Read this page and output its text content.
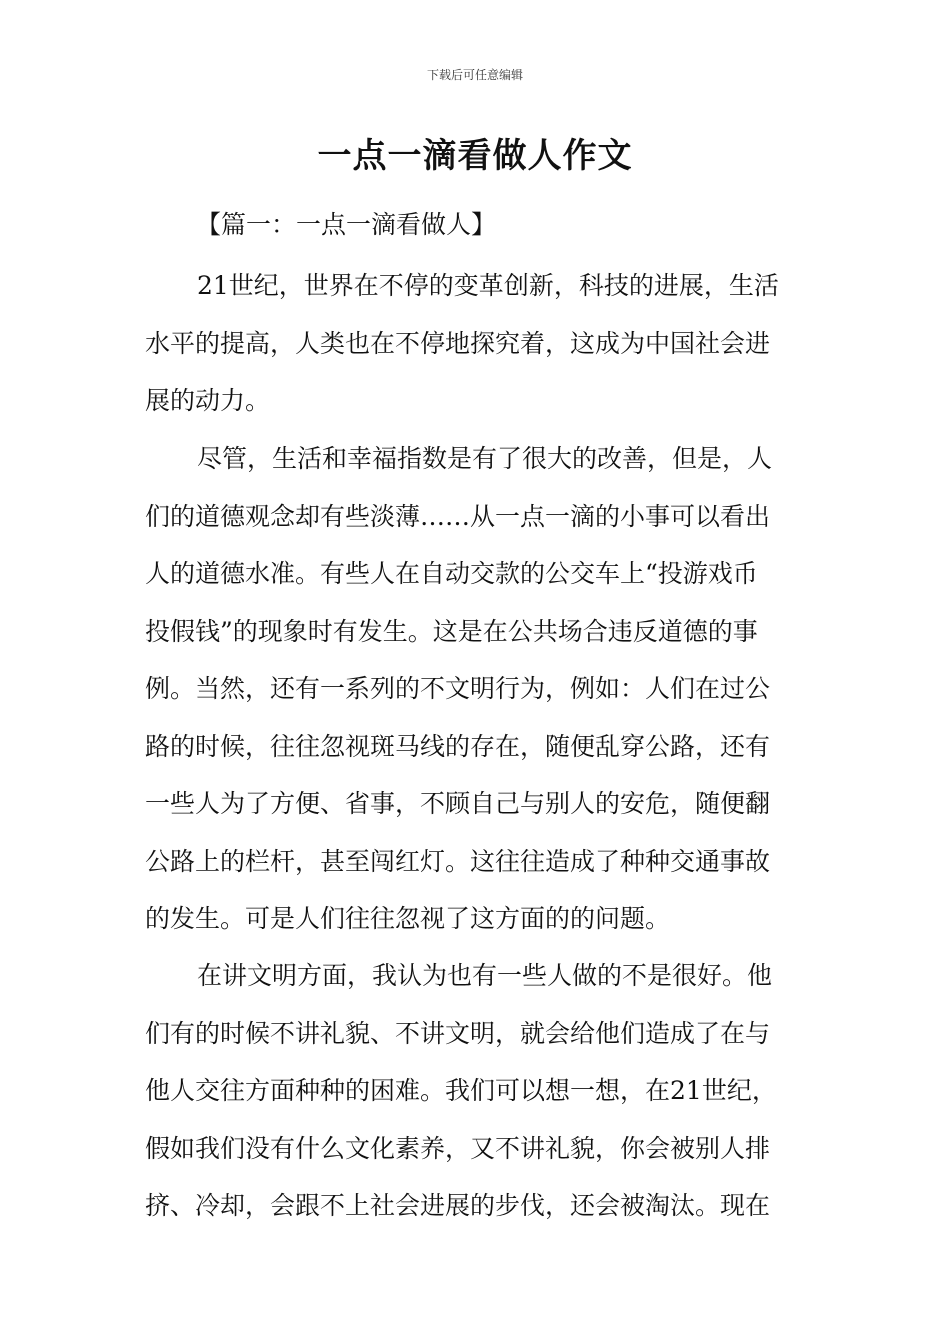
下载后可任意编辑
一点一滴看做人作文
【篇一：一点一滴看做人】

21世纪，世界在不停的变革创新，科技的进展，生活
水平的提高，人类也在不停地探究着，这成为中国社会进
展的动力。

尽管，生活和幸福指数是有了很大的改善，但是，人
们的道德观念却有些淡薄……从一点一滴的小事可以看出
人的道德水准。有些人在自动交款的公交车上“投游戏币
投假钱”的现象时有发生。这是在公共场合违反道德的事
例。当然，还有一系列的不文明行为，例如：人们在过公
路的时候，往往忽视斑马线的存在，随便乱穿公路，还有
一些人为了方便、省事，不顾自己与别人的安危，随便翻
公路上的栏杆，甚至闯红灯。这往往造成了种种交通事故
的发生。可是人们往往忽视了这方面的的问题。

在讲文明方面，我认为也有一些人做的不是很好。他
们有的时候不讲礼貌、不讲文明，就会给他们造成了在与
他人交往方面种种的困难。我们可以想一想，在21世纪，
假如我们没有什么文化素养，又不讲礼貌，你会被别人排
挤、冷却，会跟不上社会进展的步伐，还会被淘汰。现在
